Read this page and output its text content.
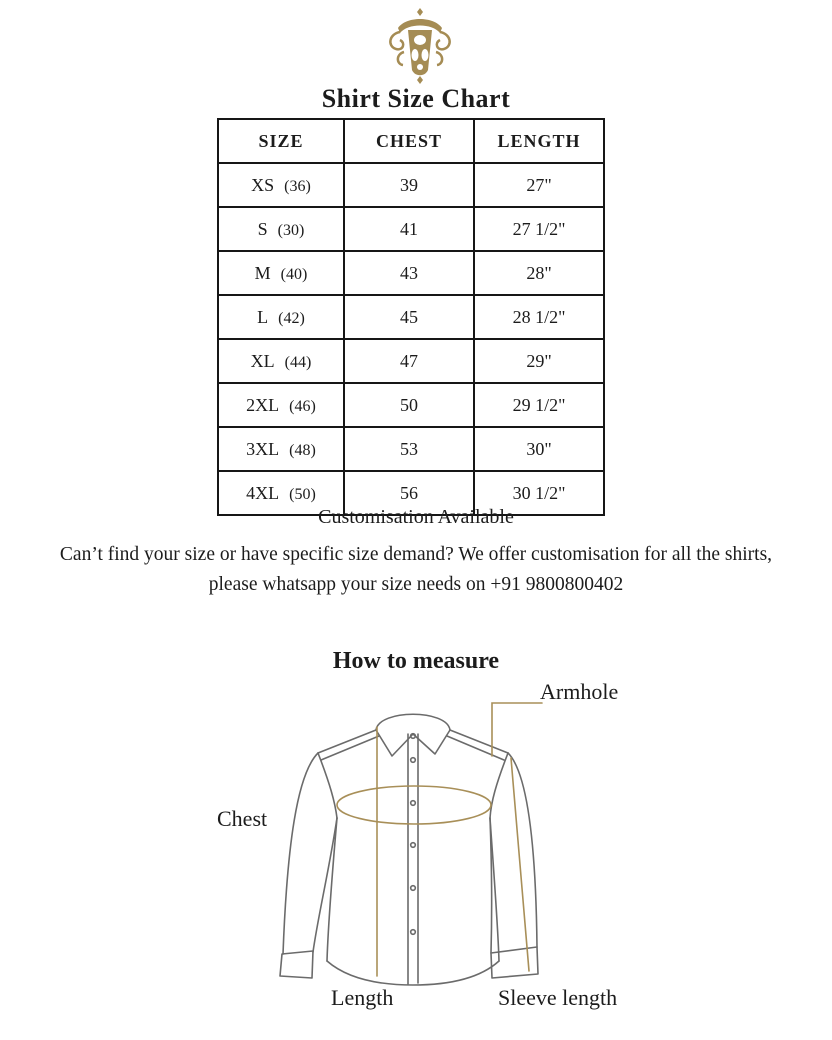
Shirt Size Chart
SIZE	CHEST	LENGTH
XS (36)	39	27"
S (30)	41	27 1/2"
M (40)	43	28"
L (42)	45	28 1/2"
XL (44)	47	29"
2XL (46)	50	29 1/2"
3XL (48)	53	30"
4XL (50)	56	30 1/2"
Customisation Available
Can’t find your size or have specific size demand? We offer customisation for all the shirts, please whatsapp your size needs on +91 9800800402
How to measure
Armhole
Chest
Length	Sleeve length
